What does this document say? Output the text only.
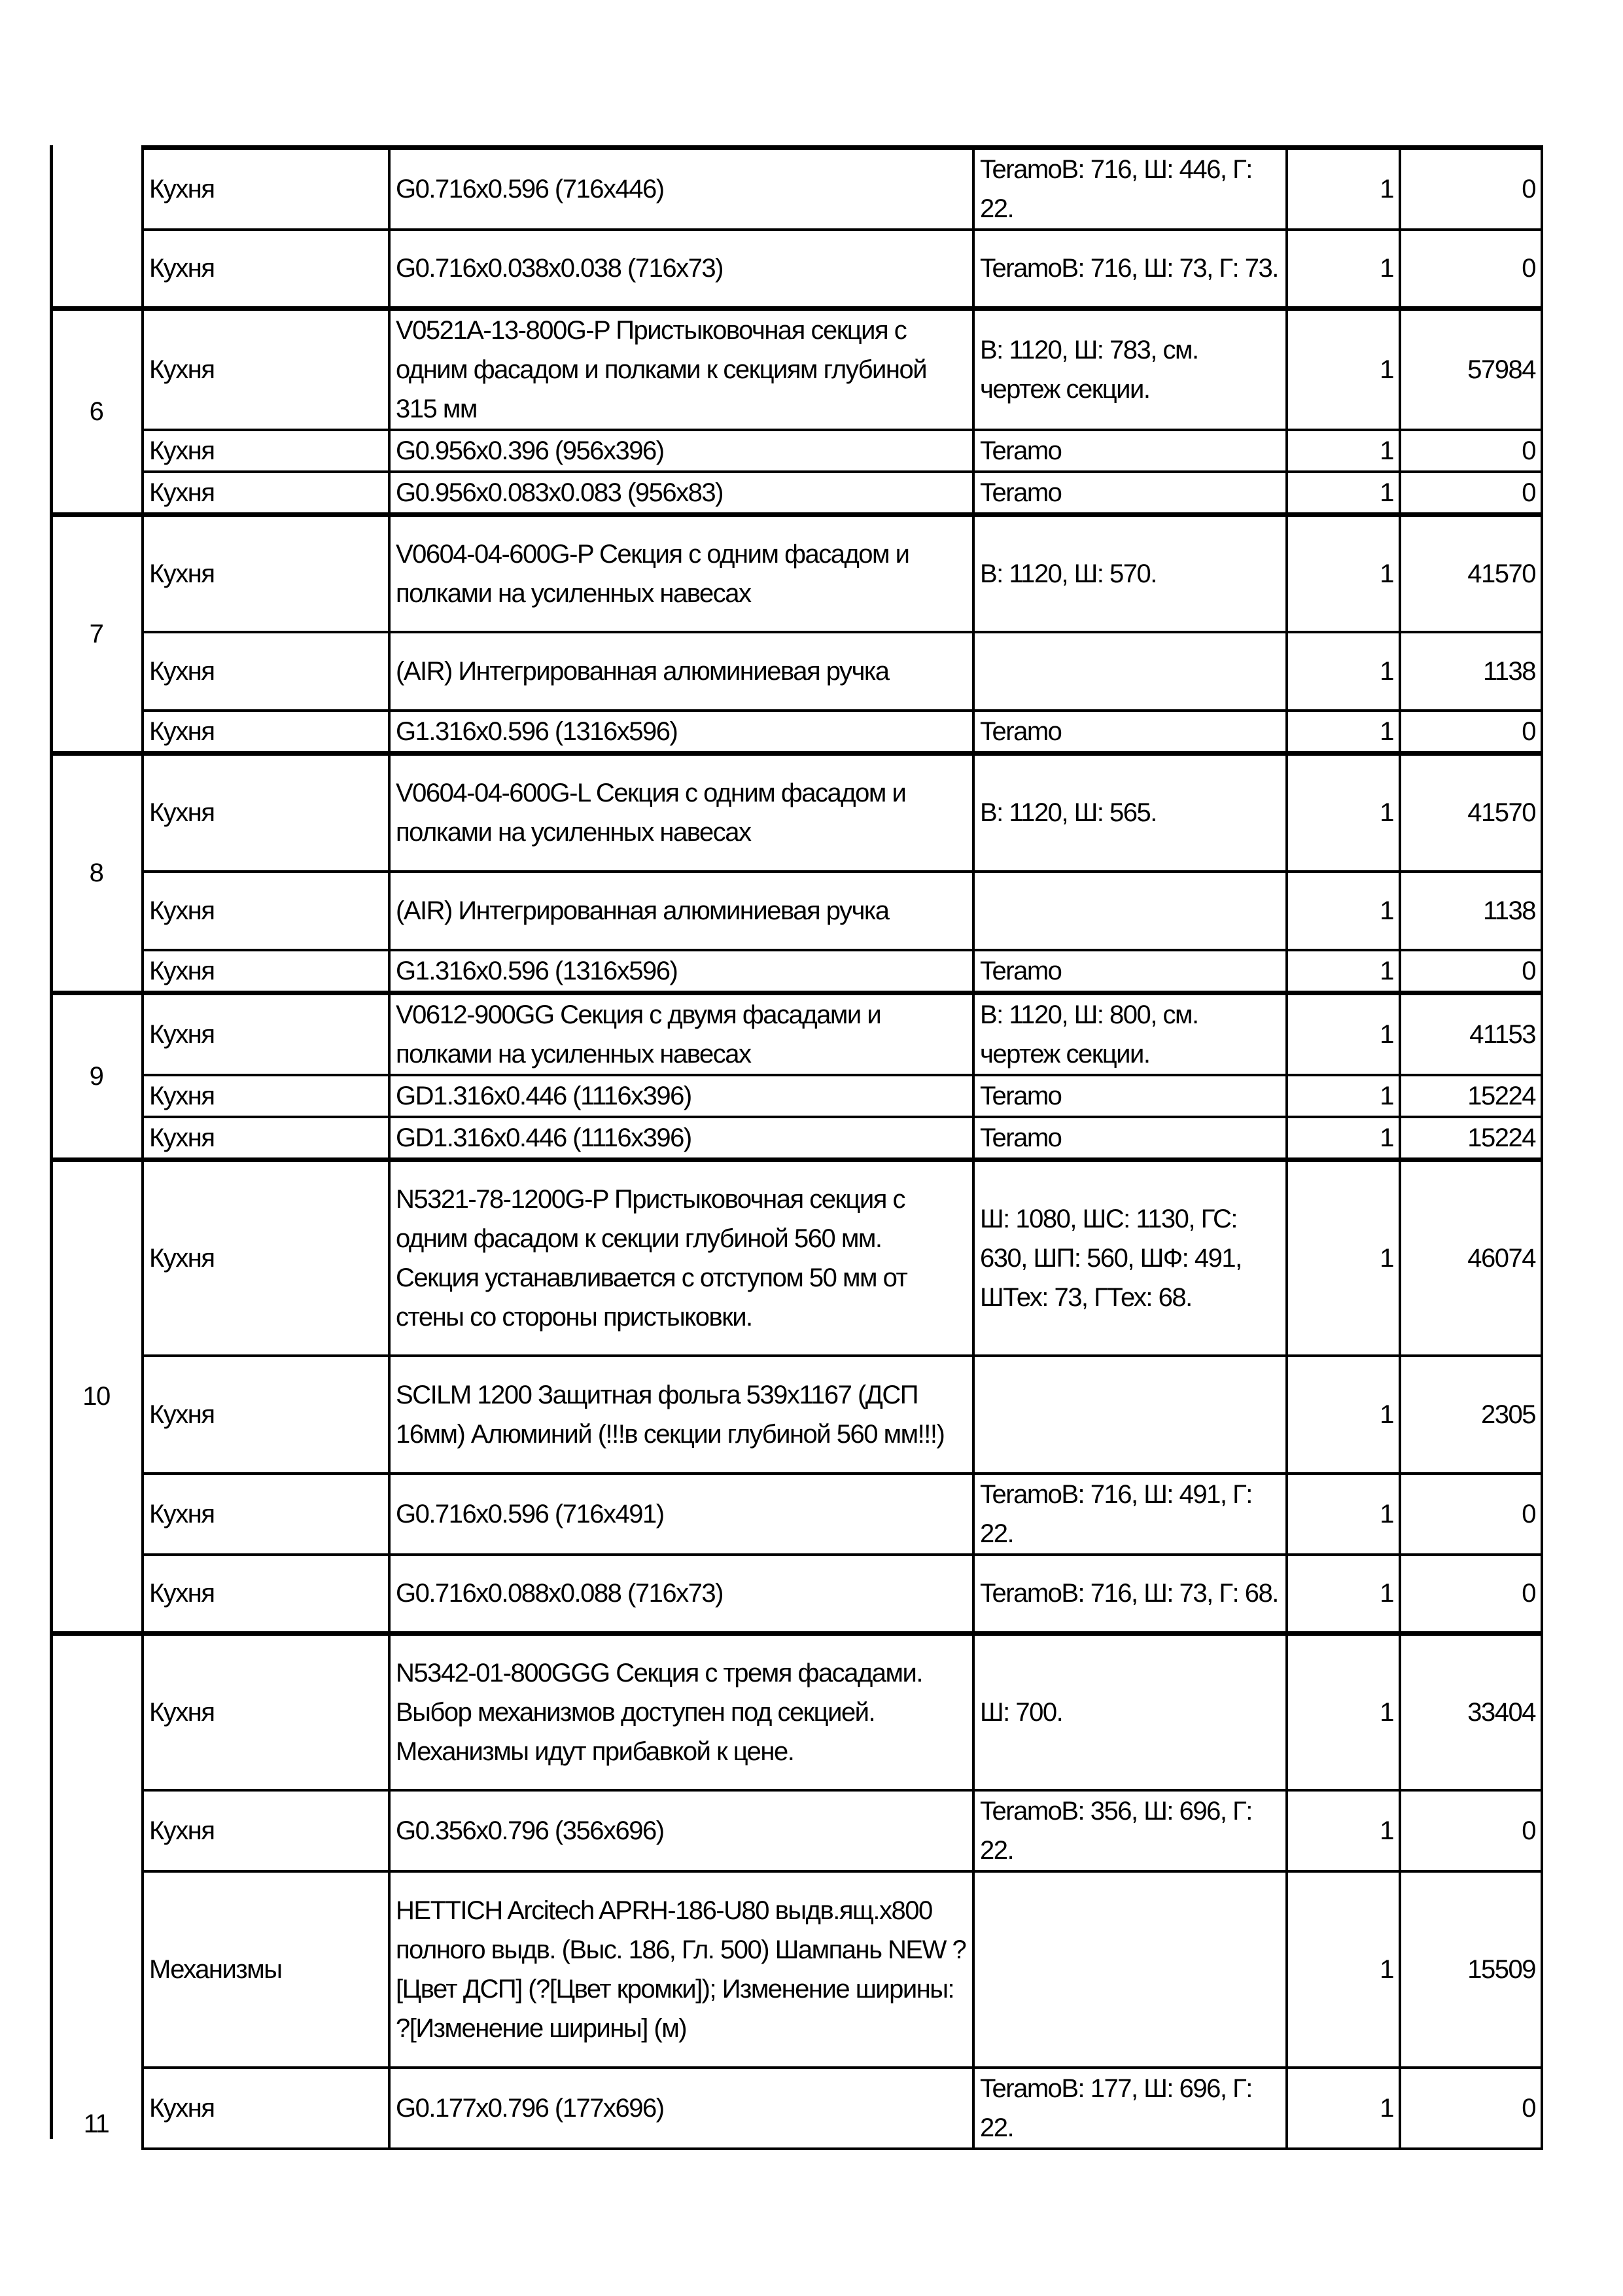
	Кухня	G0.716x0.596 (716x446)	TeramoВ: 716, Ш: 446, Г: 22.	1	0
	Кухня	G0.716x0.038x0.038 (716x73)	TeramoВ: 716, Ш: 73, Г: 73.	1	0

6	Кухня	V0521A-13-800G-P Пристыковочная секция с одним фасадом и полками к секциям глубиной 315 мм	В: 1120, Ш: 783, см. чертеж секции.	1	57984
	Кухня	G0.956x0.396 (956x396)	Teramo	1	0
	Кухня	G0.956x0.083x0.083 (956x83)	Teramo	1	0

7	Кухня	V0604-04-600G-P Секция с одним фасадом и полками на усиленных навесах	В: 1120, Ш: 570.	1	41570
	Кухня	(AIR) Интегрированная алюминиевая ручка		1	1138
	Кухня	G1.316x0.596 (1316x596)	Teramo	1	0

8	Кухня	V0604-04-600G-L Секция с одним фасадом и полками на усиленных навесах	В: 1120, Ш: 565.	1	41570
	Кухня	(AIR) Интегрированная алюминиевая ручка		1	1138
	Кухня	G1.316x0.596 (1316x596)	Teramo	1	0

9	Кухня	V0612-900GG Секция с двумя фасадами и полками на усиленных навесах	В: 1120, Ш: 800, см. чертеж секции.	1	41153
	Кухня	GD1.316x0.446 (1116x396)	Teramo	1	15224
	Кухня	GD1.316x0.446 (1116x396)	Teramo	1	15224

10	Кухня	N5321-78-1200G-P Пристыковочная секция с одним фасадом к секции глубиной 560 мм. Секция устанавливается с отступом 50 мм от стены со стороны пристыковки.	Ш: 1080, ШС: 1130, ГС: 630, ШП: 560, ШФ: 491, ШТех: 73, ГТех: 68.	1	46074
	Кухня	SCILM 1200 Защитная фольга 539x1167 (ДСП 16мм) Алюминий (!!!в секции глубиной 560 мм!!!)		1	2305
	Кухня	G0.716x0.596 (716x491)	TeramoВ: 716, Ш: 491, Г: 22.	1	0
	Кухня	G0.716x0.088x0.088 (716x73)	TeramoВ: 716, Ш: 73, Г: 68.	1	0

11	Кухня	N5342-01-800GGG Секция с тремя фасадами. Выбор механизмов доступен под секцией. Механизмы идут прибавкой к цене.	Ш: 700.	1	33404
	Кухня	G0.356x0.796 (356x696)	TeramoВ: 356, Ш: 696, Г: 22.	1	0
	Механизмы	HETTICH Arcitech APRH-186-U80 выдв.ящ.x800 полного выдв. (Выс. 186, Гл. 500) Шампань NEW ?[Цвет ДСП] (?[Цвет кромки]); Изменение ширины: ?[Изменение ширины] (м)		1	15509
	Кухня	G0.177x0.796 (177x696)	TeramoВ: 177, Ш: 696, Г: 22.	1	0
